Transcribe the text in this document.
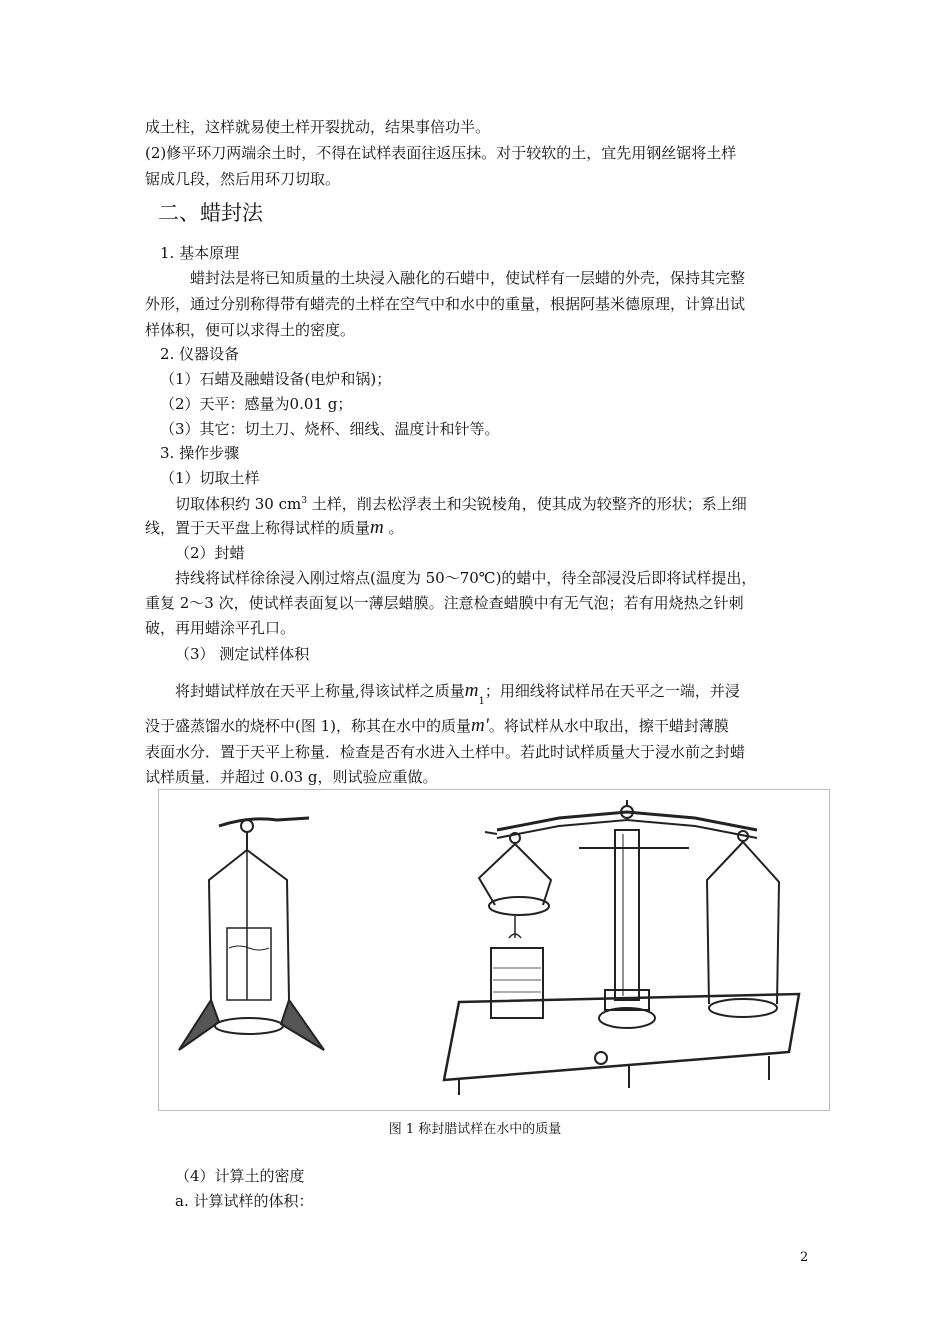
成土柱，这样就易使土样开裂扰动，结果事倍功半。
(2)修平环刀两端余土时，不得在试样表面往返压抹。对于较软的土，宜先用钢丝锯将土样
锯成几段，然后用环刀切取。
二、蜡封法
1. 基本原理
蜡封法是将已知质量的土块浸入融化的石蜡中，使试样有一层蜡的外壳，保持其完整
外形，通过分别称得带有蜡壳的土样在空气中和水中的重量，根据阿基米德原理，计算出试
样体积，便可以求得土的密度。
2. 仪器设备
（1）石蜡及融蜡设备(电炉和锅)；
（2）天平：感量为0.01 g；
（3）其它：切土刀、烧杯、细线、温度计和针等。
3. 操作步骤
（1）切取土样
切取体积约 30 $cm^3$ 土样，削去松浮表土和尖锐棱角，使其成为较整齐的形状；系上细
线，置于天平盘上称得试样的质量m 。
（2）封蜡
持线将试样徐徐浸入刚过熔点(温度为 50～70℃)的蜡中，待全部浸没后即将试样提出，
重复 2～3 次，使试样表面复以一薄层蜡膜。注意检查蜡膜中有无气泡；若有用烧热之针刺
破，再用蜡涂平孔口。
（3） 测定试样体积
将封蜡试样放在天平上称量,得该试样之质量$m_1$；用细线将试样吊在天平之一端，并浸
没于盛蒸馏水的烧杯中(图 1)，称其在水中的质量m'。将试样从水中取出，擦干蜡封薄膜
表面水分．置于天平上称量．检查是否有水进入土样中。若此时试样质量大于浸水前之封蜡
试样质量．并超过 0.03 g，则试验应重做。
图 1 称封腊试样在水中的质量
（4）计算土的密度
a. 计算试样的体积：
2
